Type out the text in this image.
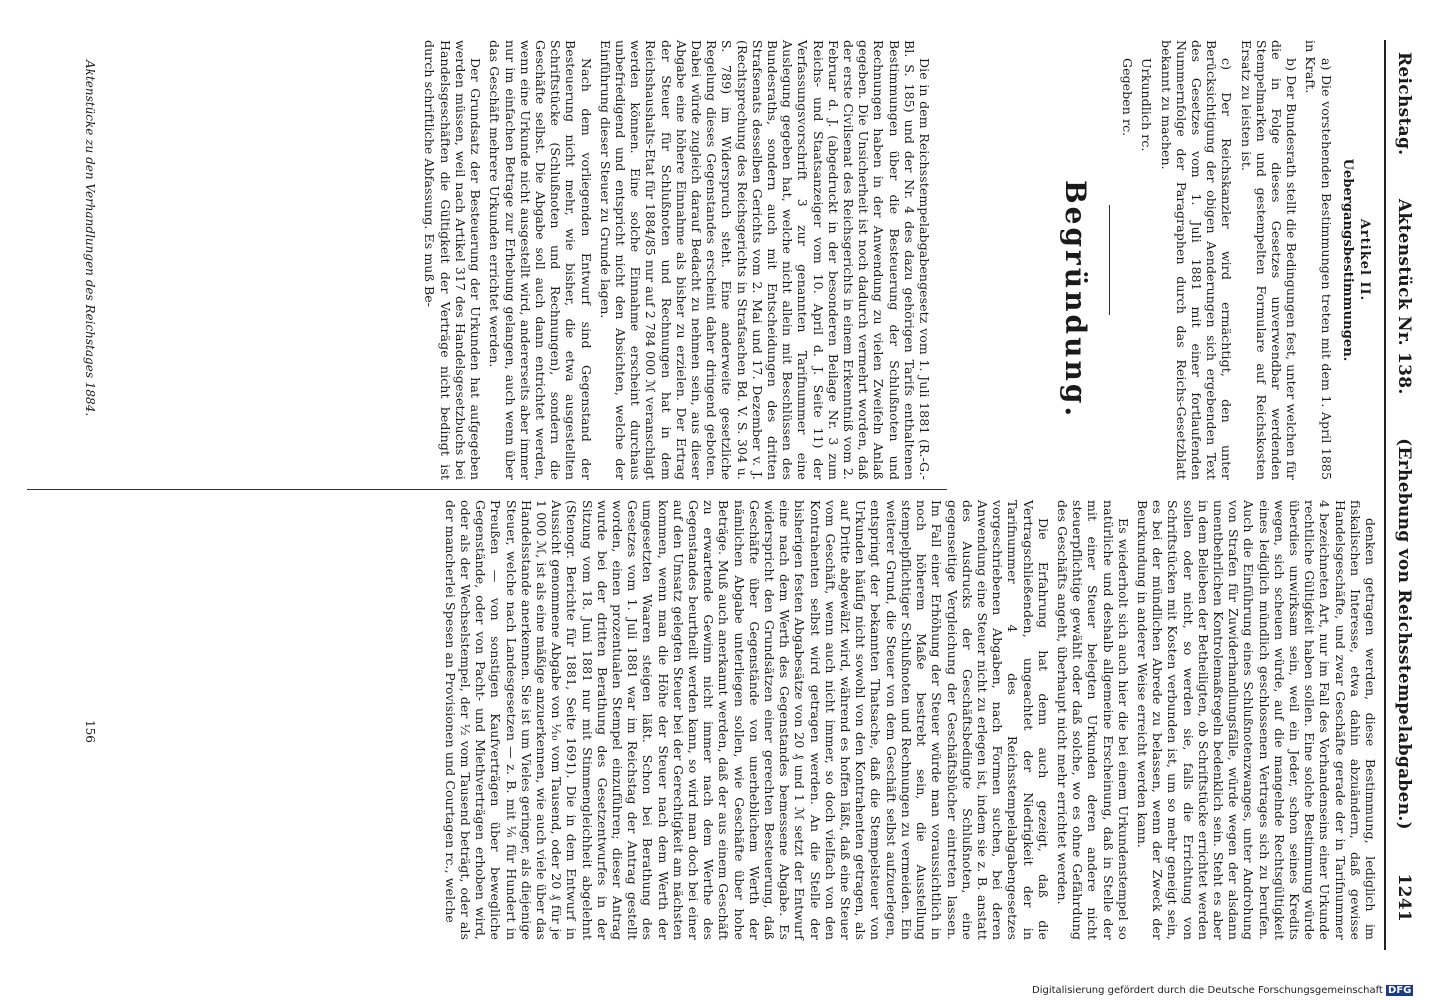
Reichstag.
Aktenstück Nr. 138.
(Erhebung von Reichsstempelabgaben.)
1241
Artikel II.
Uebergangsbestimmungen.

a) Die vorstehenden Bestimmungen treten mit dem 1. April 1885 in Kraft.

b) Der Bundesrath stellt die Bedingungen fest, unter welchen für die in Folge dieses Gesetzes unverwendbar werdenden Stempelmarken und gestempelten Formulare auf Reichskosten Ersatz zu leisten ist.

c) Der Reichskanzler wird ermächtigt, den unter Berücksichtigung der obigen Aenderungen sich ergebenden Text des Gesetzes vom 1. Juli 1881 mit einer fortlaufenden Nummernfolge der Paragraphen durch das Reichs-Gesetzblatt bekannt zu machen.

Urkundlich rc.

Gegeben rc.

Begründung.

Die in dem Reichsstempelabgabengesetz vom 1. Juli 1881 (R.-G.-Bl. S. 185) und der Nr. 4 des dazu gehörigen Tarifs enthaltenen Bestimmungen über die Besteuerung der Schlußnoten und Rechnungen haben in der Anwendung zu vielen Zweifeln Anlaß gegeben. Die Unsicherheit ist noch dadurch vermehrt worden, daß der erste Civilsenat des Reichsgerichts in einem Erkenntniß vom 2. Februar d. J. (abgedruckt in der besonderen Beilage Nr. 3 zum Reichs- und Staatsanzeiger vom 10. April d. J. Seite 11) der Verfassungsvorschrift 3 zur genannten Tarifnummer eine Auslegung gegeben hat, welche nicht allein mit Beschlüssen des Bundesraths, sondern auch mit Entscheidungen des dritten Strafsenats desselben Gerichts vom 2. Mai und 17. Dezember v. J. (Rechtsprechung des Reichsgerichts in Strafsachen Bd. V. S. 304 u. S. 789) im Widerspruch steht. Eine anderweite gesetzliche Regelung dieses Gegenstandes erscheint daher dringend geboten. Dabei würde zugleich darauf Bedacht zu nehmen sein, aus dieser Abgabe eine höhere Einnahme als bisher zu erzielen. Der Ertrag der Steuer für Schlußnoten und Rechnungen hat in dem Reichshaushalts-Etat für 1884/85 nur auf 2 784 000 ℳ veranschlagt werden können. Eine solche Einnahme erscheint durchaus unbefriedigend und entspricht nicht den Absichten, welche der Einführung dieser Steuer zu Grunde lagen.

Nach dem vorliegenden Entwurf sind Gegenstand der Besteuerung nicht mehr, wie bisher, die etwa ausgestellten Schriftstücke (Schlußnoten und Rechnungen), sondern die Geschäfte selbst. Die Abgabe soll auch dann entrichtet werden, wenn eine Urkunde nicht ausgestellt wird, andererseits aber immer nur im einfachen Betrage zur Erhebung gelangen, auch wenn über das Geschäft mehrere Urkunden errichtet werden.

Der Grundsatz der Besteuerung der Urkunden hat aufgegeben werden müssen, weil nach Artikel 317 des Handelsgesetzbuchs bei Handelsgeschäften die Gültigkeit der Verträge nicht bedingt ist durch schriftliche Abfassung. Es muß Be-

denken getragen werden, diese Bestimmung, lediglich im fiskalischen Interesse, etwa dahin abzuändern, daß gewisse Handelsgeschäfte, und zwar Geschäfte gerade der in Tarifnummer 4 bezeichneten Art, nur im Fall des Vorhandenseins einer Urkunde rechtliche Gültigkeit haben sollen. Eine solche Bestimmung würde überdies unwirksam sein, weil ein Jeder, schon seines Kredits wegen, sich scheuen würde, auf die mangelnde Rechtsgültigkeit eines lediglich mündlich geschlossenen Vertrages sich zu berufen. Auch die Einführung eines Schlußnotenzwanges, unter Androhung von Strafen für Zuwiderhandlungsfälle, würde wegen der alsdann unentbehrlichen Kontrolemaßregeln bedenklich sein. Steht es aber in dem Belieben der Betheiligten, ob Schriftstücke errichtet werden sollen oder nicht, so werden sie, falls die Errichtung von Schriftstücken mit Kosten verbunden ist, um so mehr geneigt sein, es bei der mündlichen Abrede zu belassen, wenn der Zweck der Beurkundung in anderer Weise erreicht werden kann.

Es wiederholt sich auch hier die bei einem Urkundenstempel so natürliche und deshalb allgemeine Erscheinung, daß in Stelle der mit einer Steuer belegten Urkunden deren andere nicht steuerpflichtige gewählt oder daß solche, wo es ohne Gefährdung des Geschäfts angeht, überhaupt nicht mehr errichtet werden.

Die Erfahrung hat denn auch gezeigt, daß die Vertragschließenden, ungeachtet der Niedrigkeit der in Tarifnummer 4 des Reichsstempelabgabengesetzes vorgeschriebenen Abgaben, nach Formen suchen, bei deren Anwendung eine Steuer nicht zu erlegen ist, indem sie z. B. anstatt des Ausdrucks der Geschäftsbedingte Schlußnoten, eine gegenseitige Vergleichung der Geschäftsbücher eintreten lassen. Im Fall einer Erhöhung der Steuer würde man voraussichtlich in noch höherem Maße bestrebt sein, die Ausstellung stempelpflichtiger Schlußnoten und Rechnungen zu vermeiden. Ein weiterer Grund, die Steuer von dem Geschäft selbst aufzuerlegen, entspringt der bekannten Thatsache, daß die Stempelsteuer von Urkunden häufig nicht sowohl von den Kontrahenten getragen, als auf Dritte abgewälzt wird, während es hoffen läßt, daß eine Steuer vom Geschäft, wenn auch nicht immer, so doch vielfach von den Kontrahenten selbst wird getragen werden. An die Stelle der bisherigen festen Abgabesätze von 20 ₰ und 1 ℳ setzt der Entwurf eine nach dem Werth des Gegenstandes bemessene Abgabe. Es widerspricht den Grundsätzen einer gerechten Besteuerung, daß Geschäfte über Gegenstände von unerheblichem Werth der nämlichen Abgabe unterliegen sollen, wie Geschäfte über hohe Beträge. Muß auch anerkannt werden, daß der aus einem Geschäft zu erwartende Gewinn nicht immer nach dem Werthe des Gegenstandes beurtheilt werden kann, so wird man doch bei einer auf den Umsatz gelegten Steuer bei der Gerechtigkeit am nächsten kommen, wenn man die Höhe der Steuer nach dem Werth der umgesetzten Waaren steigen läßt. Schon bei Berathung des Gesetzes vom 1. Juli 1881 war im Reichstag der Antrag gestellt worden, einen prozentualen Stempel einzuführen; dieser Antrag wurde bei der dritten Berathung des Gesetzentwurfes in der Sitzung vom 18. Juni 1881 nur mit Stimmengleichheit abgelehnt (Stenogr. Berichte für 1881, Seite 1691). Die in dem Entwurf in Aussicht genommene Abgabe von ⅒ vom Tausend, oder 20 ₰ für je 1 000 ℳ, ist als eine mäßige anzuerkennen, wie auch viele über das Handelsstande anerkennen. Sie ist um Vieles geringer, als diejenige Steuer, welche nach Landesgesetzen — z. B. mit ⅙ für Hundert in Preußen — von sonstigen Kaufverträgen über bewegliche Gegenstände, oder von Pacht- und Miethverträgen erhoben wird, oder als der Wechselstempel, der ½ vom Tausend beträgt, oder als der mancherlei Spesen an Provisionen und Courtagen rc., welche

Aktenstücke zu den Verhandlungen des Reichstages 1884.
156
Digitalisierung gefördert durch die Deutsche Forschungsgemeinschaft DFG
